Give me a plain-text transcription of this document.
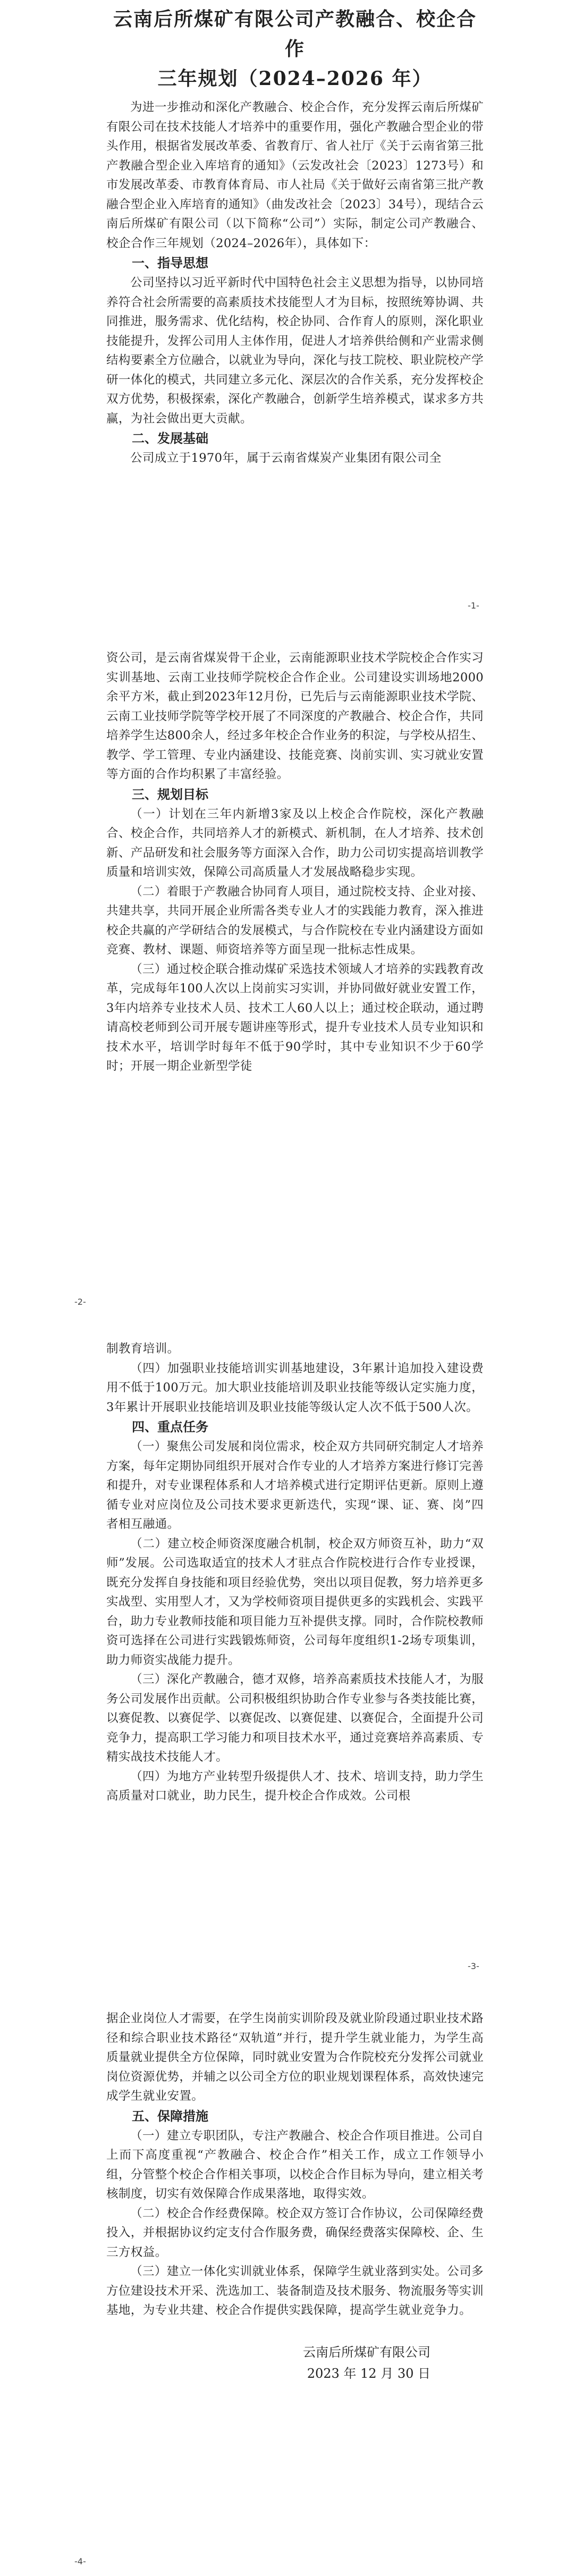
云南后所煤矿有限公司产教融合、校企合作
三年规划（2024–2026 年）
为进一步推动和深化产教融合、校企合作，充分发挥云南后所煤矿有限公司在技术技能人才培养中的重要作用，强化产教融合型企业的带头作用，根据省发展改革委、省教育厅、省人社厅《关于云南省第三批产教融合型企业入库培育的通知》（云发改社会〔2023〕1273号）和市发展改革委、市教育体育局、市人社局《关于做好云南省第三批产教融合型企业入库培育的通知》（曲发改社会〔2023〕34号），现结合云南后所煤矿有限公司（以下简称“公司”）实际，制定公司产教融合、校企合作三年规划（2024–2026年），具体如下：
一、指导思想
公司坚持以习近平新时代中国特色社会主义思想为指导，以协同培养符合社会所需要的高素质技术技能型人才为目标，按照统筹协调、共同推进，服务需求、优化结构，校企协同、合作育人的原则，深化职业技能提升，发挥公司用人主体作用，促进人才培养供给侧和产业需求侧结构要素全方位融合，以就业为导向，深化与技工院校、职业院校产学研一体化的模式，共同建立多元化、深层次的合作关系，充分发挥校企双方优势，积极探索，深化产教融合，创新学生培养模式，谋求多方共赢，为社会做出更大贡献。
二、发展基础
公司成立于1970年，属于云南省煤炭产业集团有限公司全
-1-
资公司，是云南省煤炭骨干企业，云南能源职业技术学院校企合作实习实训基地、云南工业技师学院校企合作企业。公司建设实训场地2000余平方米，截止到2023年12月份，已先后与云南能源职业技术学院、云南工业技师学院等学校开展了不同深度的产教融合、校企合作，共同培养学生达800余人，经过多年校企合作业务的积淀，与学校从招生、教学、学工管理、专业内涵建设、技能竞赛、岗前实训、实习就业安置等方面的合作均积累了丰富经验。
三、规划目标
（一）计划在三年内新增3家及以上校企合作院校，深化产教融合、校企合作，共同培养人才的新模式、新机制，在人才培养、技术创新、产品研发和社会服务等方面深入合作，助力公司切实提高培训教学质量和培训实效，保障公司高质量人才发展战略稳步实现。
（二）着眼于产教融合协同育人项目，通过院校支持、企业对接、共建共享，共同开展企业所需各类专业人才的实践能力教育，深入推进校企共赢的产学研结合的发展模式，与合作院校在专业内涵建设方面如竞赛、教材、课题、师资培养等方面呈现一批标志性成果。
（三）通过校企联合推动煤矿采选技术领域人才培养的实践教育改革，完成每年100人次以上岗前实习实训，并协同做好就业安置工作，3年内培养专业技术人员、技术工人60人以上；通过校企联动，通过聘请高校老师到公司开展专题讲座等形式，提升专业技术人员专业知识和技术水平，培训学时每年不低于90学时，其中专业知识不少于60学时；开展一期企业新型学徒
-2-
制教育培训。
（四）加强职业技能培训实训基地建设，3年累计追加投入建设费用不低于100万元。加大职业技能培训及职业技能等级认定实施力度，3年累计开展职业技能培训及职业技能等级认定人次不低于500人次。
四、重点任务
（一）聚焦公司发展和岗位需求，校企双方共同研究制定人才培养方案，每年定期协同组织开展对合作专业的人才培养方案进行修订完善和提升，对专业课程体系和人才培养模式进行定期评估更新。原则上遵循专业对应岗位及公司技术要求更新迭代，实现“课、证、赛、岗”四者相互融通。
（二）建立校企师资深度融合机制，校企双方师资互补，助力“双师”发展。公司选取适宜的技术人才驻点合作院校进行合作专业授课，既充分发挥自身技能和项目经验优势，突出以项目促教，努力培养更多实战型、实用型人才，又为学校师资项目提供更多的实践机会、实践平台，助力专业教师技能和项目能力互补提供支撑。同时，合作院校教师资可选择在公司进行实践锻炼师资，公司每年度组织1-2场专项集训，助力师资实战能力提升。
（三）深化产教融合，德才双修，培养高素质技术技能人才，为服务公司发展作出贡献。公司积极组织协助合作专业参与各类技能比赛，以赛促教、以赛促学、以赛促改、以赛促建、以赛促合，全面提升公司竞争力，提高职工学习能力和项目技术水平，通过竞赛培养高素质、专精实战技术技能人才。
（四）为地方产业转型升级提供人才、技术、培训支持，助力学生高质量对口就业，助力民生，提升校企合作成效。公司根
-3-
据企业岗位人才需要，在学生岗前实训阶段及就业阶段通过职业技术路径和综合职业技术路径“双轨道”并行，提升学生就业能力，为学生高质量就业提供全方位保障，同时就业安置为合作院校充分发挥公司就业岗位资源优势，并辅之以公司全方位的职业规划课程体系，高效快速完成学生就业安置。
五、保障措施
（一）建立专职团队，专注产教融合、校企合作项目推进。公司自上而下高度重视“产教融合、校企合作”相关工作，成立工作领导小组，分管整个校企合作相关事项，以校企合作目标为导向，建立相关考核制度，切实有效保障合作成果落地，取得实效。
（二）校企合作经费保障。校企双方签订合作协议，公司保障经费投入，并根据协议约定支付合作服务费，确保经费落实保障校、企、生三方权益。
（三）建立一体化实训就业体系，保障学生就业落到实处。公司多方位建设技术开采、洗选加工、装备制造及技术服务、物流服务等实训基地，为专业共建、校企合作提供实践保障，提高学生就业竞争力。
云南后所煤矿有限公司
2023 年 12 月 30 日
-4-
